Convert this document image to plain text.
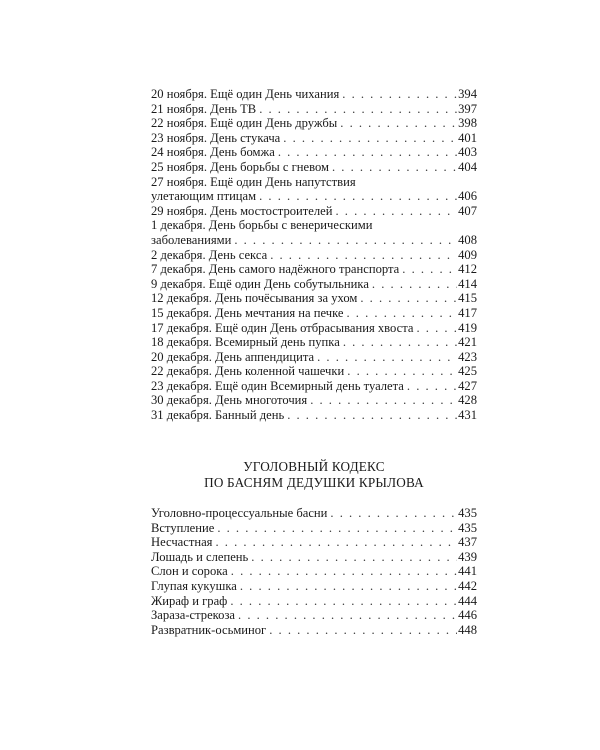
20 ноября. Ещё один День чихания . . .	394
21 ноября. День ТВ . . .	397
22 ноября. Ещё один День дружбы . . .	398
23 ноября. День стукача . . .	401
24 ноября. День бомжа . . .	403
25 ноября. День борьбы с гневом . . .	404
27 ноября. Ещё один День напутствия
улетающим птицам . . .	406
29 ноября. День мостостроителей . . .	407
1 декабря. День борьбы с венерическими
заболеваниями . . .	408
2 декабря. День секса . . .	409
7 декабря. День самого надёжного транспорта . . .	412
9 декабря. Ещё один День собутыльника . . .	414
12 декабря. День почёсывания за ухом . . .	415
15 декабря. День мечтания на печке . . .	417
17 декабря. Ещё один День отбрасывания хвоста . . .	419
18 декабря. Всемирный день пупка . . .	421
20 декабря. День аппендицита . . .	423
22 декабря. День коленной чашечки . . .	425
23 декабря. Ещё один Всемирный день туалета . . .	427
30 декабря. День многоточия . . .	428
31 декабря. Банный день . . .	431
УГОЛОВНЫЙ КОДЕКС
ПО БАСНЯМ ДЕДУШКИ КРЫЛОВА
Уголовно-процессуальные басни . . .	435
Вступление . . .	435
Несчастная . . .	437
Лошадь и слепень . . .	439
Слон и сорока . . .	441
Глупая кукушка . . .	442
Жираф и граф . . .	444
Зараза-стрекоза . . .	446
Развратник-осьминог . . .	448
